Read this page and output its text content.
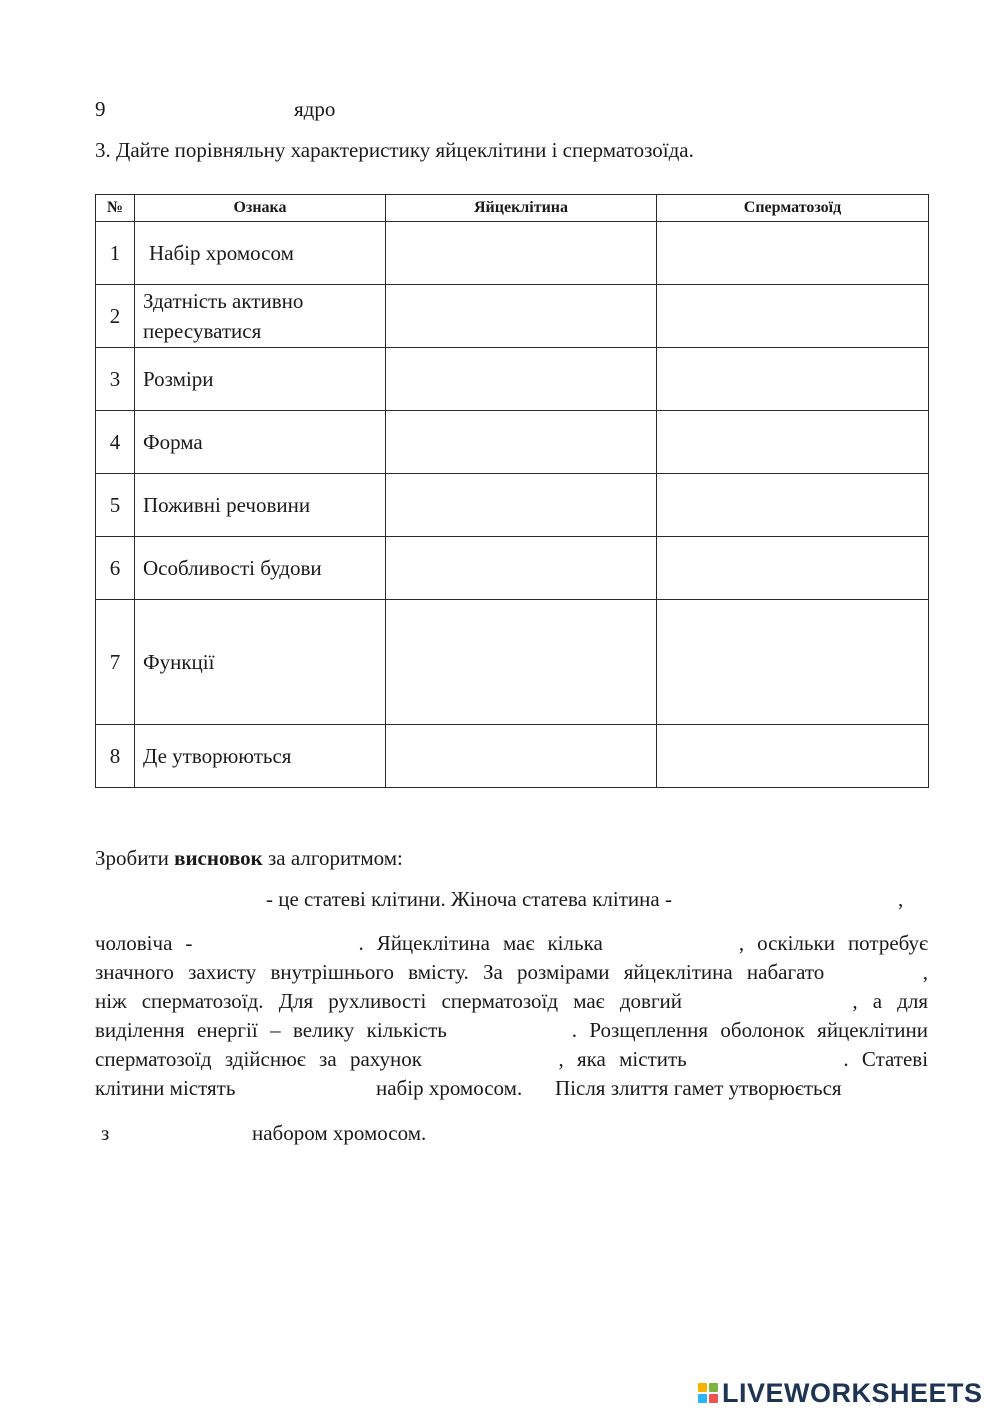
9	ядро
3. Дайте порівняльну характеристику яйцеклітини і сперматозоїда.
№	Ознака	Яйцеклітина	Сперматозоїд
1	Набір хромосом		
2	Здатність активно пересуватися		
3	Розміри		
4	Форма		
5	Поживні речовини		
6	Особливості будови		
7	Функції		
8	Де утворюються		
Зробити висновок за алгоритмом:
- це статеві клітини. Жіноча статева клітина -	,
чоловіча -	. Яйцеклітина має кілька	, оскільки потребує
значного захисту внутрішнього вмісту. За розмірами яйцеклітина набагато	,
ніж сперматозоїд. Для рухливості сперматозоїд має довгий	, а для
виділення енергії – велику кількість	. Розщеплення оболонок яйцеклітини
сперматозоїд здійснює за рахунок	, яка містить	. Статеві
клітини містять	набір хромосом. Після злиття гамет утворюється
з	набором хромосом.
LIVEWORKSHEETS
